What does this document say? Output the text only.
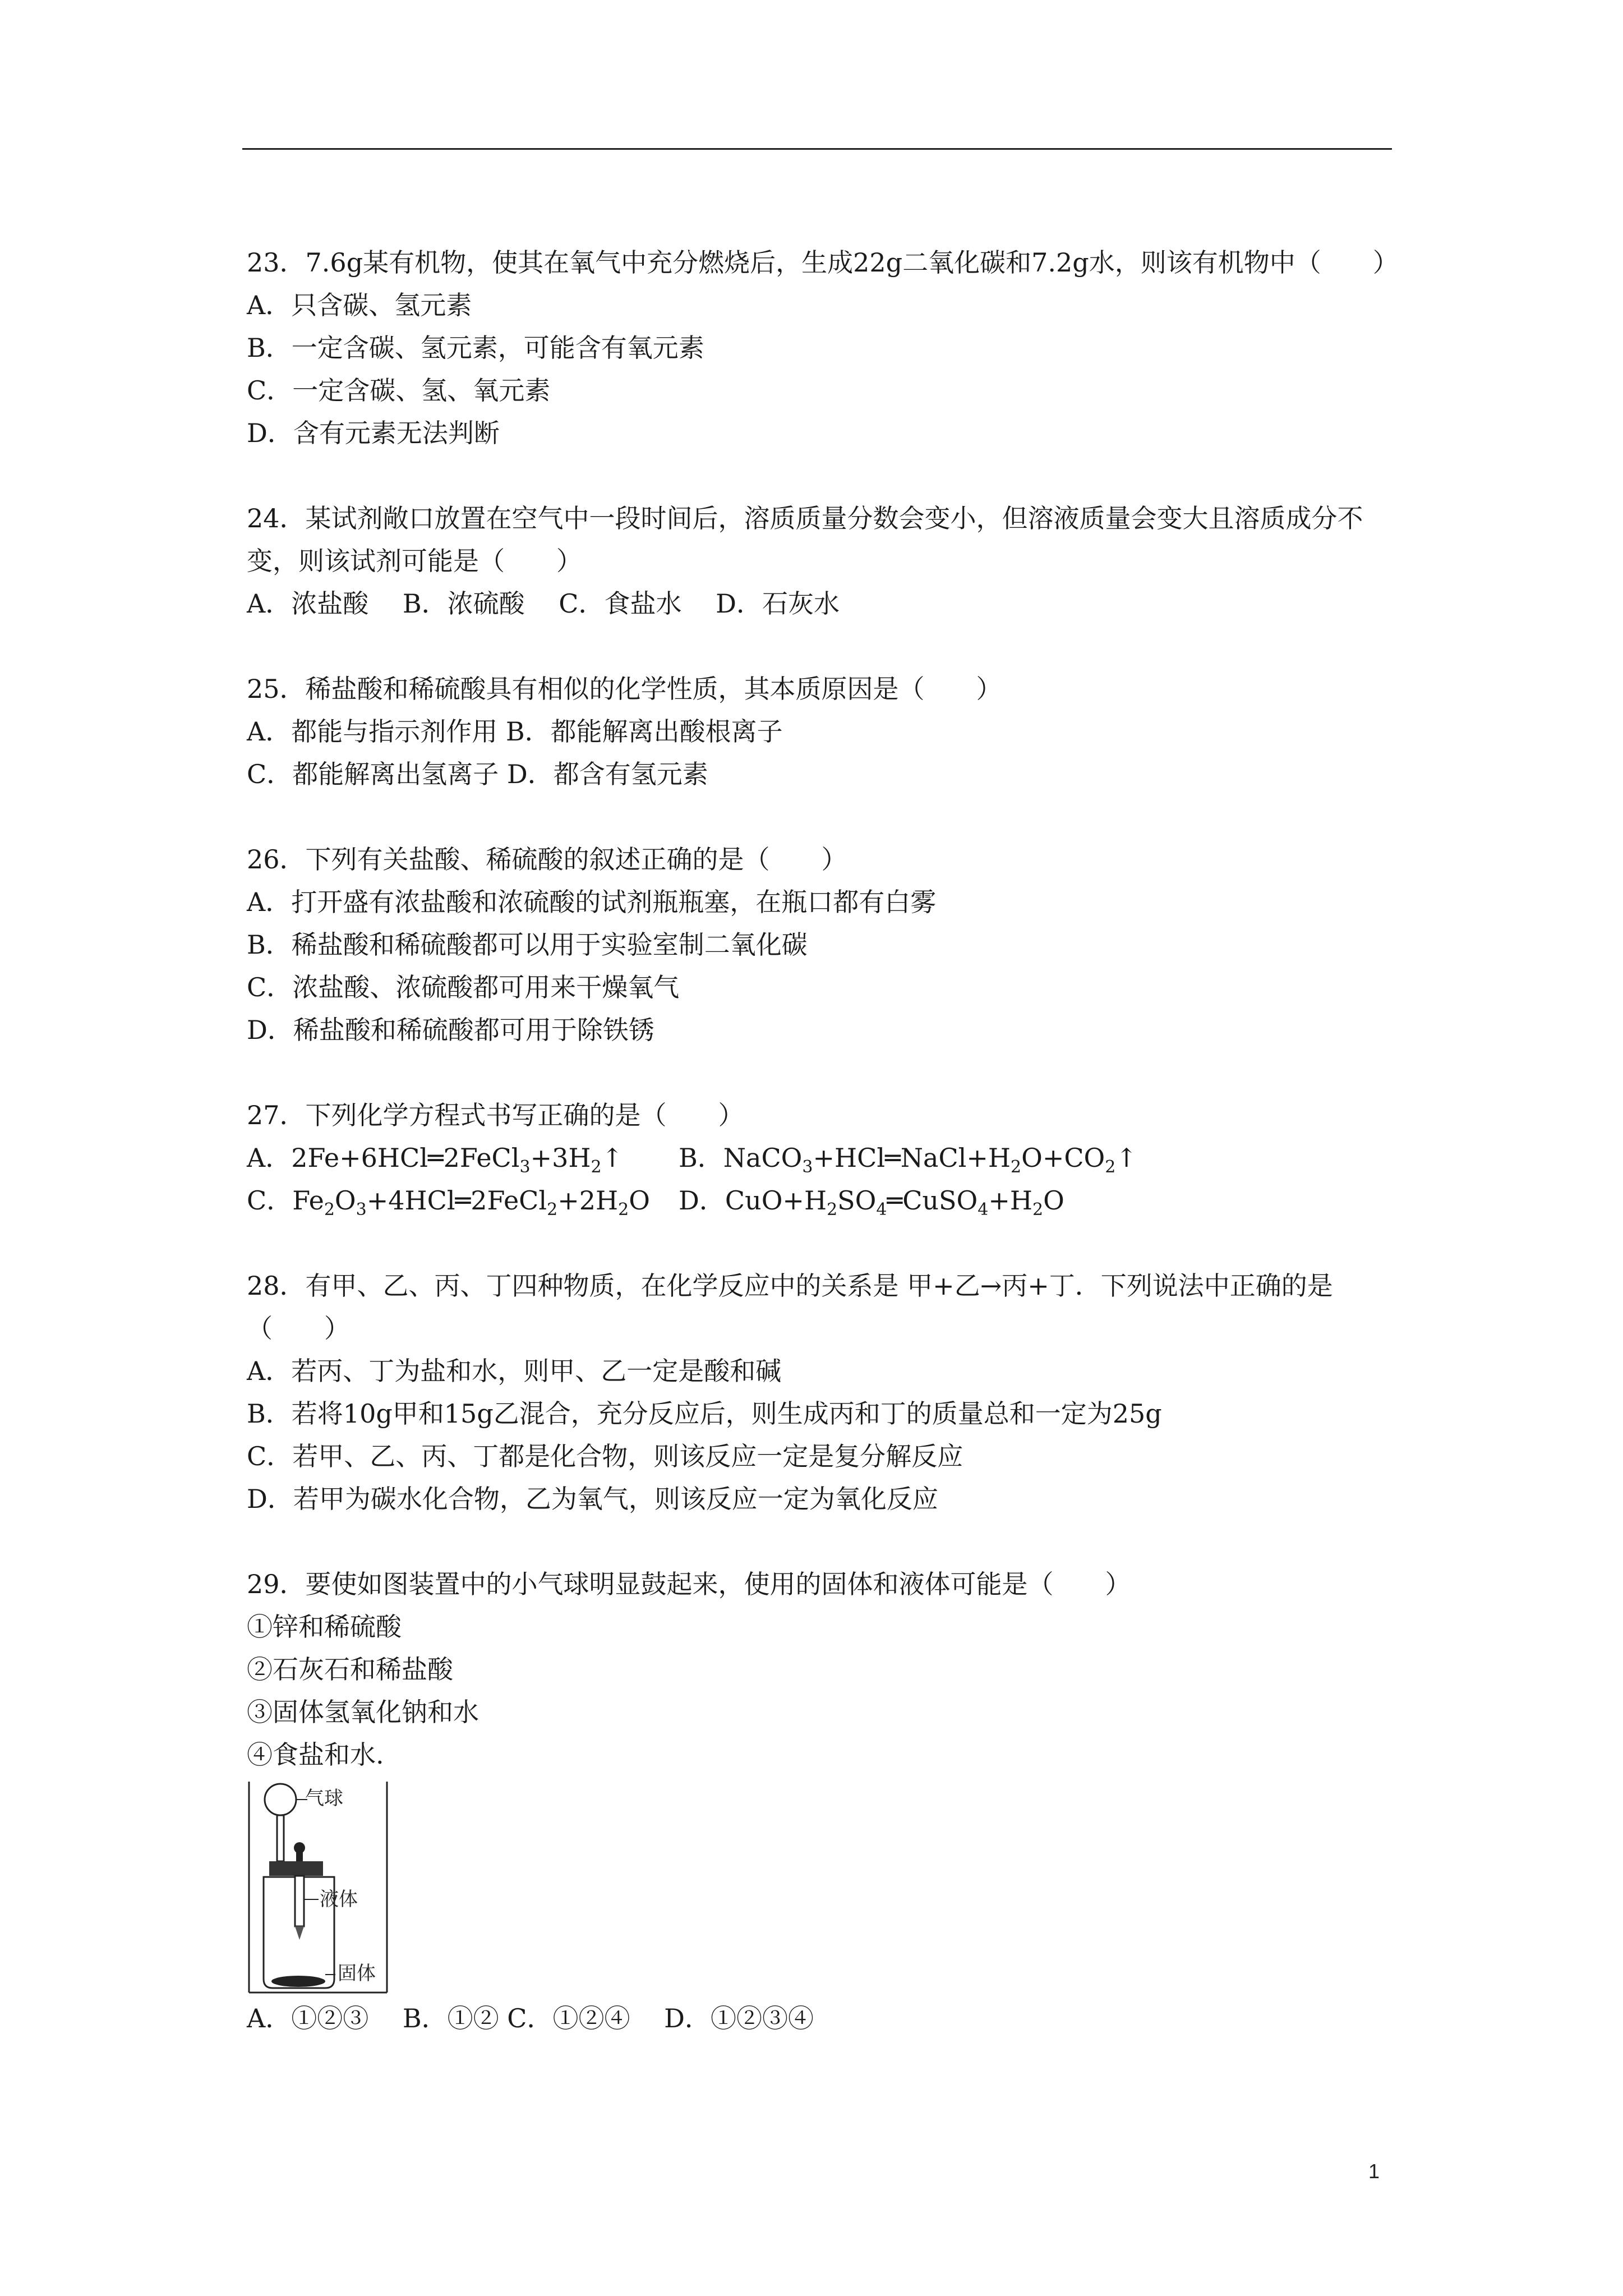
23．7.6g某有机物，使其在氧气中充分燃烧后，生成22g二氧化碳和7.2g水，则该有机物中（　　）
A．只含碳、氢元素
B．一定含碳、氢元素，可能含有氧元素
C．一定含碳、氢、氧元素
D．含有元素无法判断
24．某试剂敞口放置在空气中一段时间后，溶质质量分数会变小，但溶液质量会变大且溶质成分不变，则该试剂可能是（　　）
A．浓盐酸　 B．浓硫酸　 C．食盐水　 D．石灰水
25．稀盐酸和稀硫酸具有相似的化学性质，其本质原因是（　　）
A．都能与指示剂作用 B．都能解离出酸根离子
C．都能解离出氢离子 D．都含有氢元素
26．下列有关盐酸、稀硫酸的叙述正确的是（　　）
A．打开盛有浓盐酸和浓硫酸的试剂瓶瓶塞，在瓶口都有白雾
B．稀盐酸和稀硫酸都可以用于实验室制二氧化碳
C．浓盐酸、浓硫酸都可用来干燥氧气
D．稀盐酸和稀硫酸都可用于除铁锈
27．下列化学方程式书写正确的是（　　）
A．$2Fe+6HCl═2FeCl_3+3H_2↑$ B．$NaCO_3+HCl═NaCl+H_2O+CO_2↑$
C．$Fe_2O_3+4HCl═2FeCl_2+2H_2O$ D．$CuO+H_2SO_4═CuSO_4+H_2O$
28．有甲、乙、丙、丁四种物质，在化学反应中的关系是 甲+乙→丙+丁．下列说法中正确的是（　　）
A．若丙、丁为盐和水，则甲、乙一定是酸和碱
B．若将10g甲和15g乙混合，充分反应后，则生成丙和丁的质量总和一定为25g
C．若甲、乙、丙、丁都是化合物，则该反应一定是复分解反应
D．若甲为碳水化合物，乙为氧气，则该反应一定为氧化反应
29．要使如图装置中的小气球明显鼓起来，使用的固体和液体可能是（　　）
①锌和稀硫酸
②石灰石和稀盐酸
③固体氢氧化钠和水
④食盐和水.
气球
液体
固体
A．①②③　 B．①② C．①②④　 D．①②③④
1
